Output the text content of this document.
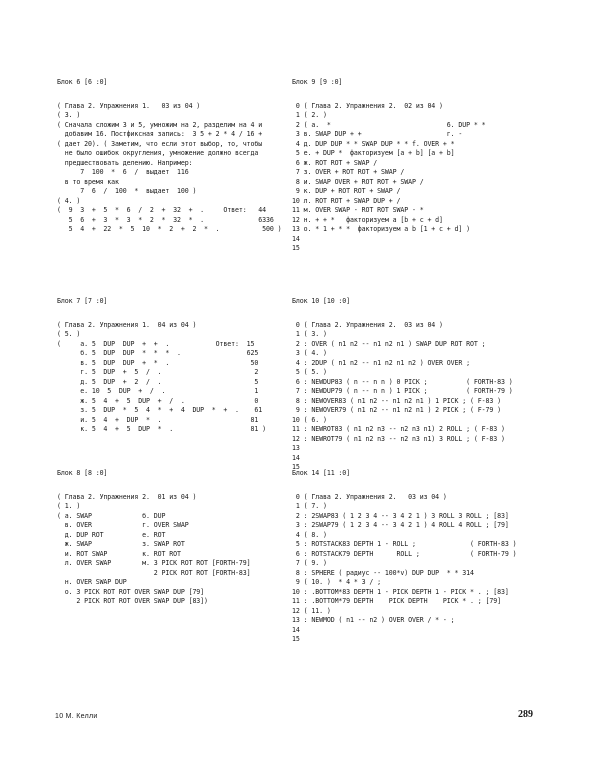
Блок 6 [6 :0]
( Глава 2. Упражнения 1.   03 из 04 )
( 3. )
( Сначала сложим 3 и 5, умножим на 2, разделим на 4 и
добавим 16. Постфиксная запись:  3 5 + 2 * 4 / 16 +
( дает 20). ( Заметим, что если этот выбор, то, чтобы
не было ошибок округления, умножение должно всегда
предшествовать делению. Например:
7  100  *  6  /  выдает  116
в то время как
7  6  /  100  *  выдает  100 )
( 4. )
(  9  3  +  5  *  6  /  2  +  32  +  .     Ответ:   44
5  6  +  3  *  3  *  2  *  32  *  .              6336
5  4  +  22  *  5  10  *  2  +  2  *  .           500 )
Блок 9 [9 :0]
0 ( Глава 2. Упражнения 2.  02 из 04 )
1 ( 2. )
2 ( а.  *                              6. DUP * *
3 в. SWAP DUP + +                      г. -
4 д. DUP DUP * * SWAP DUP * * f. OVER + *
5 е. + DUP *  факторизуем [a + b] [a + b]
6 ж. ROT ROT + SWAP /
7 з. OVER + ROT ROT + SWAP /
8 и. SWAP OVER + ROT ROT + SWAP /
9 к. DUP + ROT ROT + SWAP /
10 л. ROT ROT + SWAP DUP + /
11 м. OVER SWAP - ROT ROT SWAP - *
12 н. + + *   факторизуем a [b + c + d]
13 о. * 1 + * *  факторизуем a b [1 + c + d] )
14
15
Блок 7 [7 :0]
( Глава 2. Упражнения 1.  04 из 04 )
( 5. )
(     а. 5  DUP  DUP  +  +  .            Ответ:  15
б. 5  DUP  DUP  *  *  *  .                 625
в. 5  DUP  DUP  +  *  .                     50
г. 5  DUP  +  5  /  .                        2
д. 5  DUP  +  2  /  .                        5
е. 10  5  DUP  +  /  .                       1
ж. 5  4  +  5  DUP  +  /  .                  0
з. 5  DUP  *  5  4  *  +  4  DUP  *  +  .    61
и. 5  4  +  DUP  *  .                       81
к. 5  4  +  5  DUP  *  .                    81 )
Блок 10 [10 :0]
0 ( Глава 2. Упражнения 2.  03 из 04 )
1 ( 3. )
2 : OVER ( n1 n2 -- n1 n2 n1 ) SWAP DUP ROT ROT ;
3 ( 4. )
4 : 2DUP ( n1 n2 -- n1 n2 n1 n2 ) OVER OVER ;
5 ( 5. )
6 : NEWDUP83 ( n -- n n ) 0 PICK ;          ( FORTH-83 )
7 : NEWDUP79 ( n -- n n ) 1 PICK ;          ( FORTH-79 )
8 : NEWOVER83 ( n1 n2 -- n1 n2 n1 ) 1 PICK ; ( F-83 )
9 : NEWOVER79 ( n1 n2 -- n1 n2 n1 ) 2 PICK ; ( F-79 )
10 ( 6. )
11 : NEWROT83 ( n1 n2 n3 -- n2 n3 n1) 2 ROLL ; ( F-83 )
12 : NEWROT79 ( n1 n2 n3 -- n2 n3 n1) 3 ROLL ; ( F-83 )
13
14
15
Блок 8 [8 :0]
( Глава 2. Упражнения 2.  01 из 04 )
( 1. )
( а. SWAP             б. DUP
в. OVER             г. OVER SWAP
д. DUP ROT          е. ROT
ж. SWAP             з. SWAP ROT
и. ROT SWAP         к. ROT ROT
л. OVER SWAP        м. 3 PICK ROT ROT [FORTH-79]
2 PICK ROT ROT [FORTH-83]
н. OVER SWAP DUP
о. 3 PICK ROT ROT OVER SWAP DUP [79]
2 PICK ROT ROT OVER SWAP DUP [83])
Блок 14 [11 :0]
0 ( Глава 2. Упражнения 2.   03 из 04 )
1 ( 7. )
2 : 2SWAP83 ( 1 2 3 4 -- 3 4 2 1 ) 3 ROLL 3 ROLL ; [83]
3 : 2SWAP79 ( 1 2 3 4 -- 3 4 2 1 ) 4 ROLL 4 ROLL ; [79]
4 ( 8. )
5 : ROTSTACK83 DEPTH 1 - ROLL ;              ( FORTH-83 )
6 : ROTSTACK79 DEPTH      ROLL ;             ( FORTH-79 )
7 ( 9. )
8 : SPHERE ( радиус -- 100*v) DUP DUP  * * 314
9 ( 10. )  * 4 * 3 / ;
10 : .BOTTOM*83 DEPTH 1 - PICK DEPTH 1 - PICK * . ; [83]
11 : .BOTTOM*79 DEPTH    PICK DEPTH    PICK * . ; [79]
12 ( 11. )
13 : NEWMOD ( n1 -- n2 ) OVER OVER / * - ;
14
15
10 М. Келли	289
